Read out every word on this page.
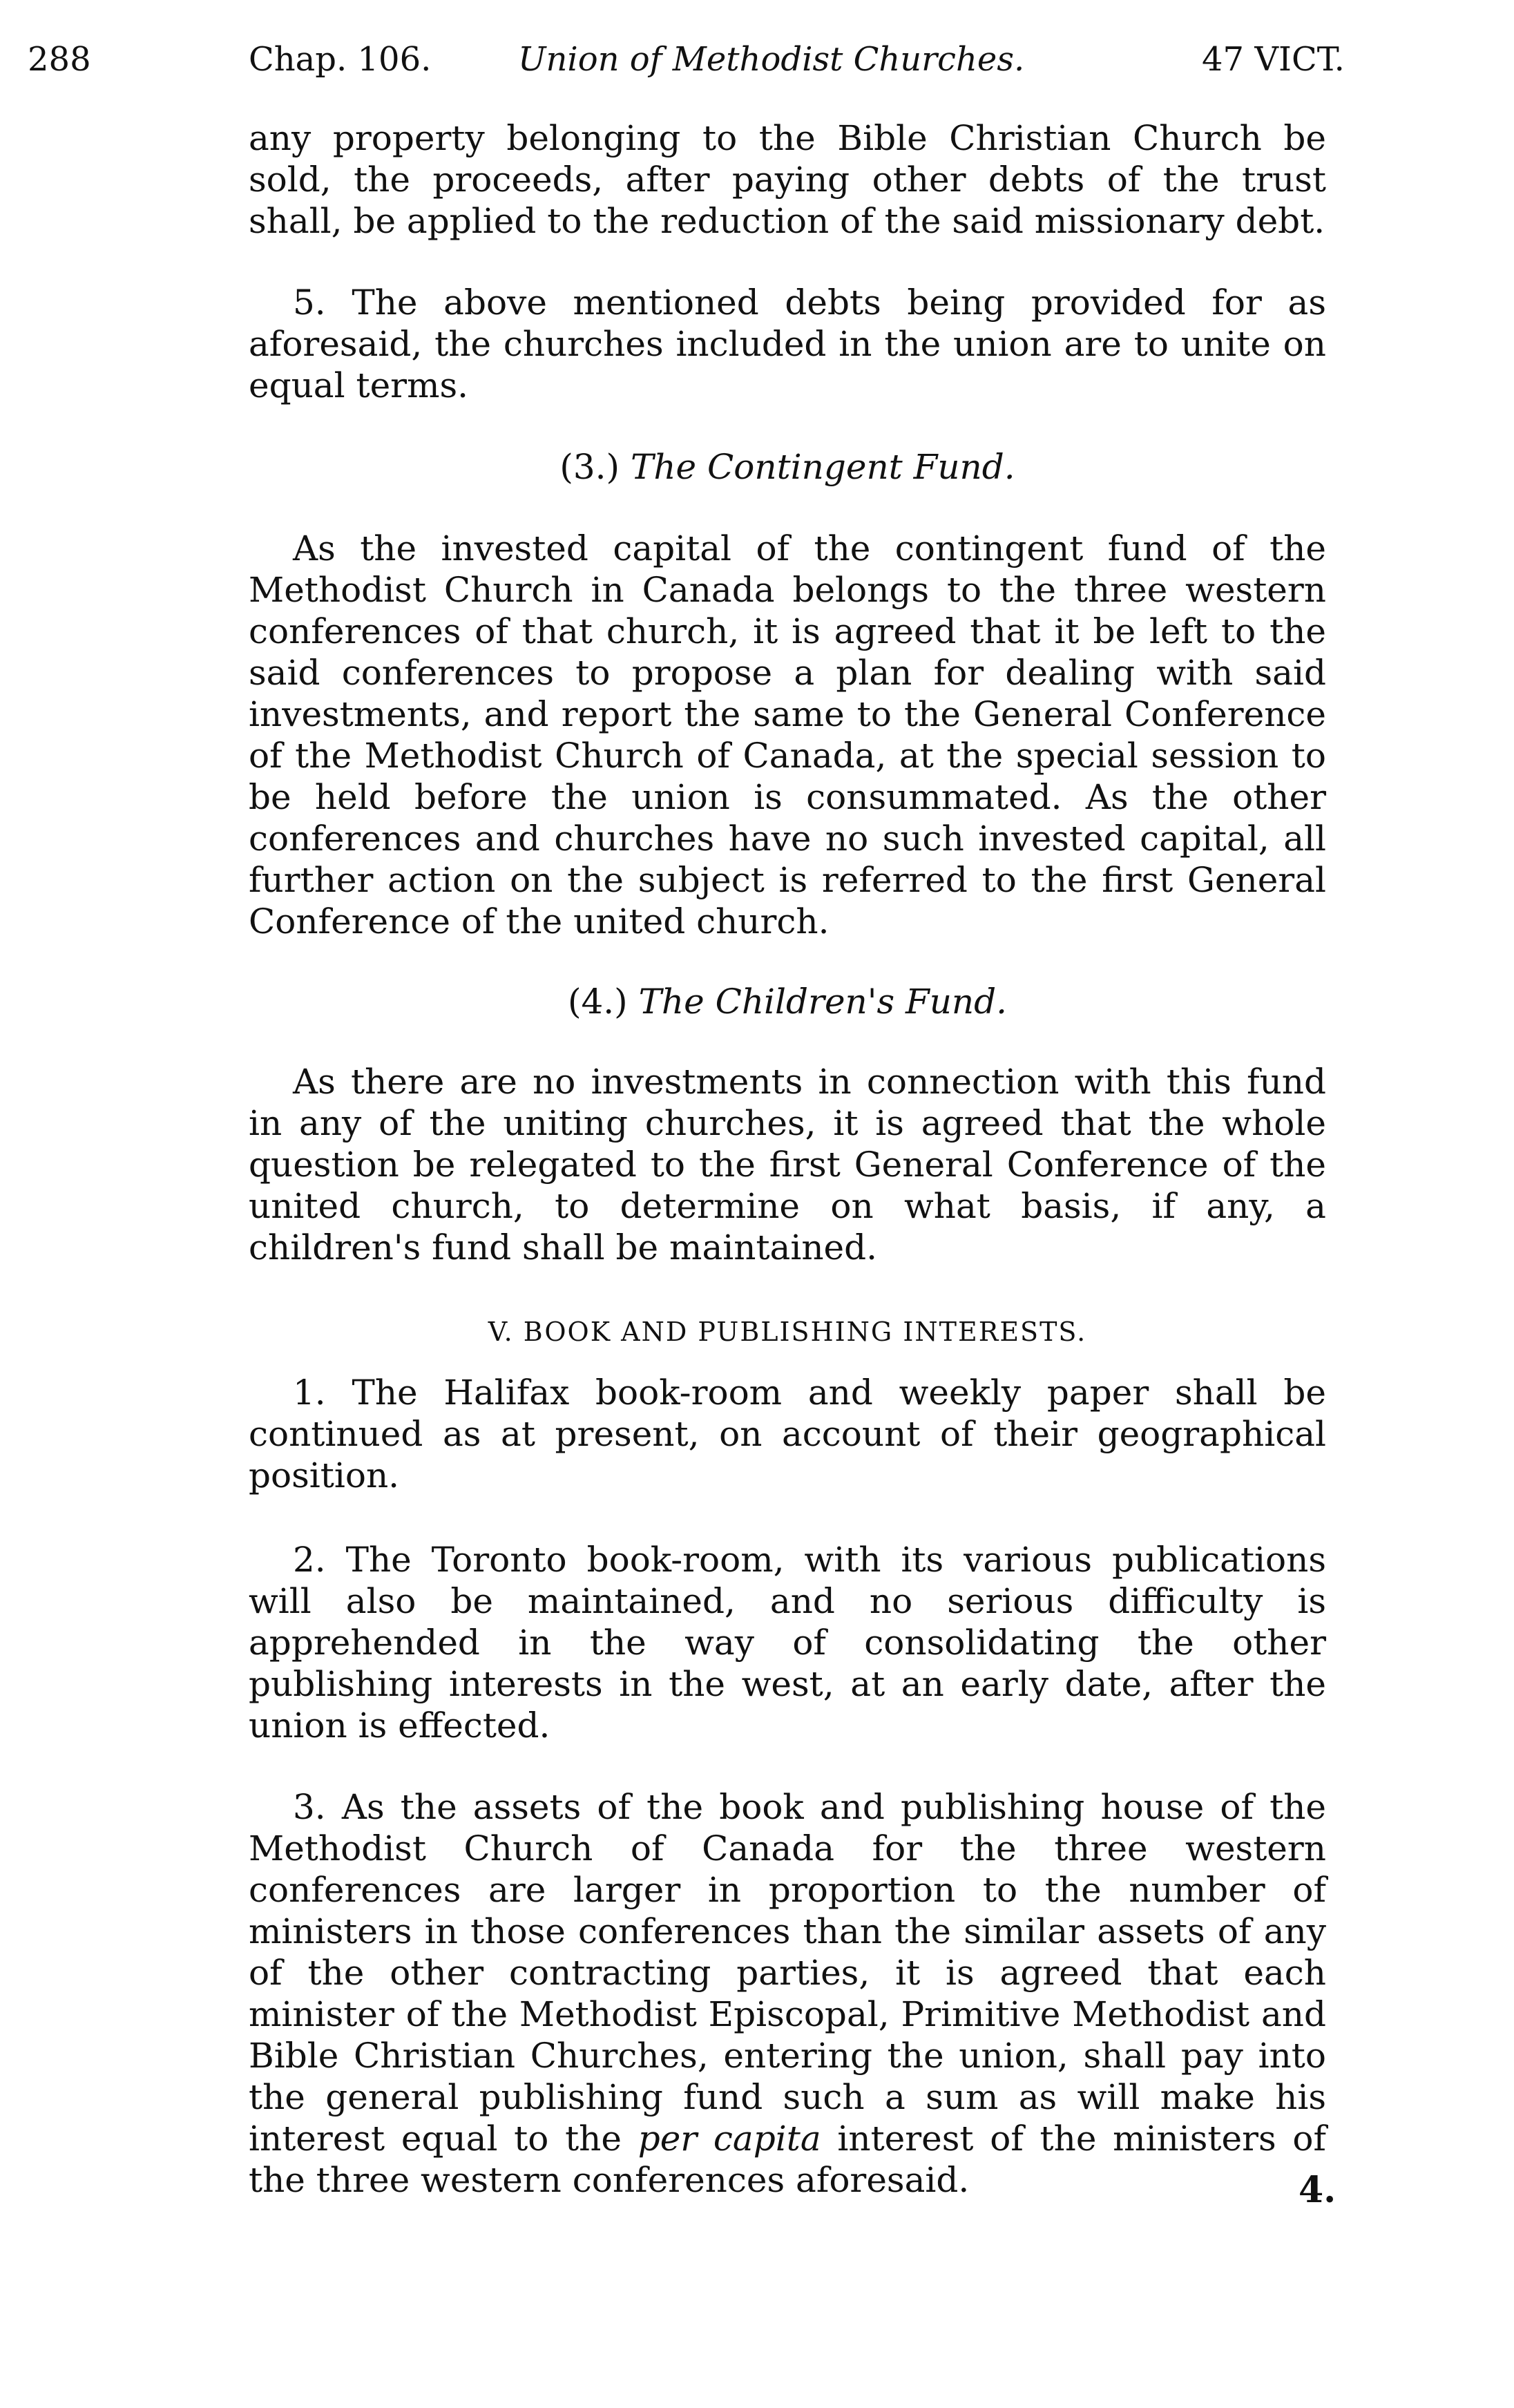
288	Chap. 106.	Union of Methodist Churches.	47 VICT.

any property belonging to the Bible Christian Church be sold, the proceeds, after paying other debts of the trust shall, be applied to the reduction of the said missionary debt.

5. The above mentioned debts being provided for as aforesaid, the churches included in the union are to unite on equal terms.

(3.) The Contingent Fund.

As the invested capital of the contingent fund of the Methodist Church in Canada belongs to the three western conferences of that church, it is agreed that it be left to the said conferences to propose a plan for dealing with said investments, and report the same to the General Conference of the Methodist Church of Canada, at the special session to be held before the union is consummated. As the other conferences and churches have no such invested capital, all further action on the subject is referred to the first General Conference of the united church.

(4.) The Children's Fund.

As there are no investments in connection with this fund in any of the uniting churches, it is agreed that the whole question be relegated to the first General Conference of the united church, to determine on what basis, if any, a children's fund shall be maintained.

V. BOOK AND PUBLISHING INTERESTS.

1. The Halifax book-room and weekly paper shall be continued as at present, on account of their geographical position.

2. The Toronto book-room, with its various publications will also be maintained, and no serious difficulty is apprehended in the way of consolidating the other publishing interests in the west, at an early date, after the union is effected.

3. As the assets of the book and publishing house of the Methodist Church of Canada for the three western conferences are larger in proportion to the number of ministers in those conferences than the similar assets of any of the other contracting parties, it is agreed that each minister of the Methodist Episcopal, Primitive Methodist and Bible Christian Churches, entering the union, shall pay into the general publishing fund such a sum as will make his interest equal to the per capita interest of the ministers of the three western conferences aforesaid.	4.
